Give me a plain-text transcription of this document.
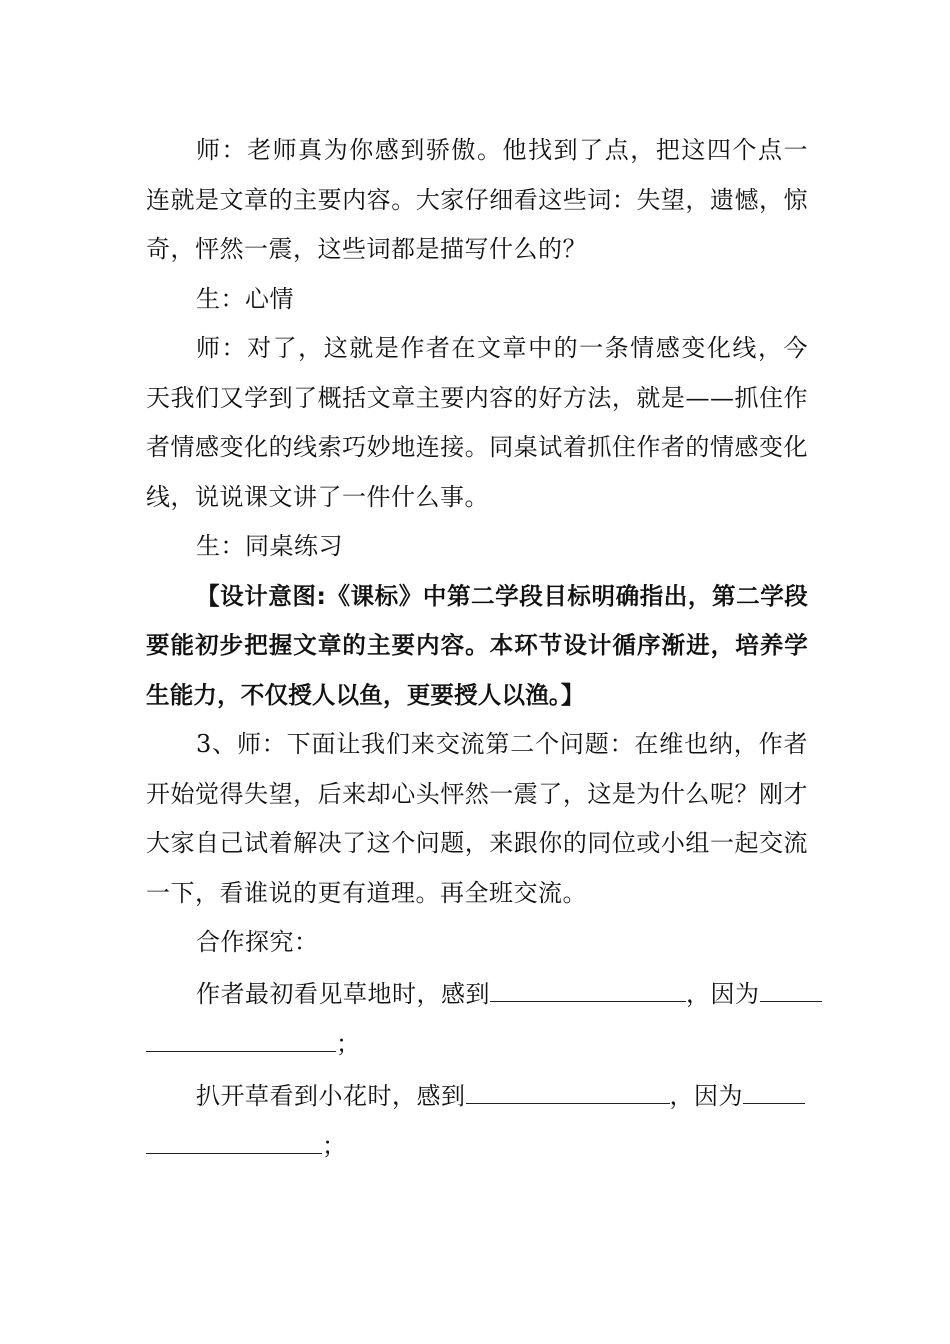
师：老师真为你感到骄傲。他找到了点，把这四个点一连就是文章的主要内容。大家仔细看这些词：失望，遗憾，惊奇，怦然一震，这些词都是描写什么的？

生：心情

师：对了，这就是作者在文章中的一条情感变化线，今天我们又学到了概括文章主要内容的好方法，就是——抓住作者情感变化的线索巧妙地连接。同桌试着抓住作者的情感变化线，说说课文讲了一件什么事。

生：同桌练习

【设计意图:《课标》中第二学段目标明确指出，第二学段要能初步把握文章的主要内容。本环节设计循序渐进，培养学生能力，不仅授人以鱼，更要授人以渔。】

3、师：下面让我们来交流第二个问题：在维也纳，作者开始觉得失望，后来却心头怦然一震了，这是为什么呢？刚才大家自己试着解决了这个问题，来跟你的同位或小组一起交流一下，看谁说的更有道理。再全班交流。

合作探究：

作者最初看见草地时，感到	，因为
；
扒开草看到小花时，感到	，因为
；
